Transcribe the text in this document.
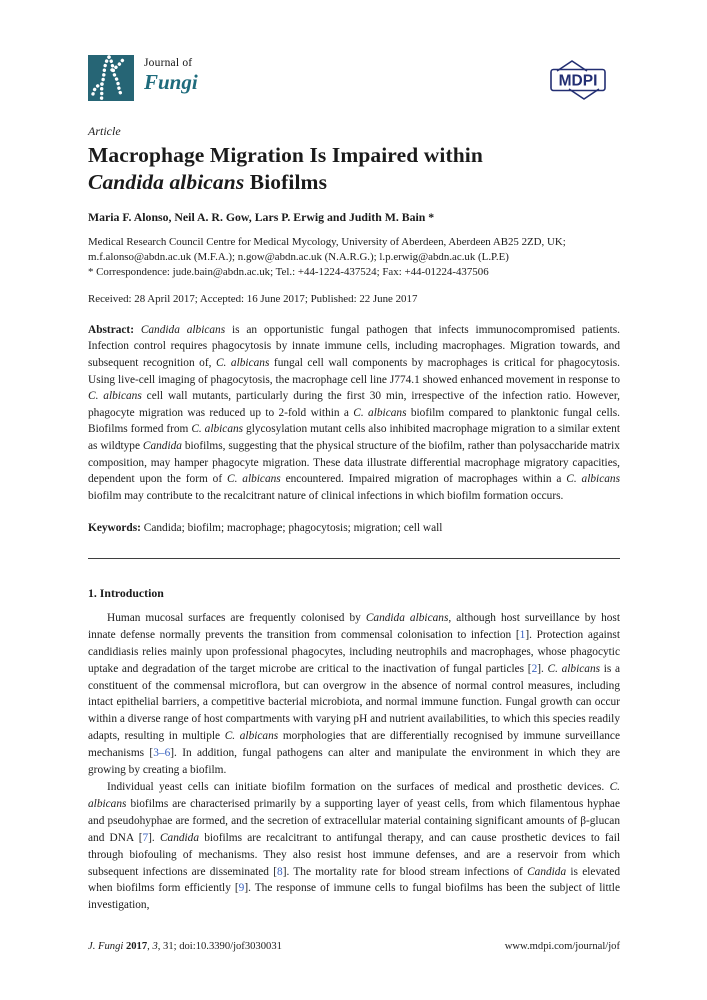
Journal of
Fungi	MDPI
Article
Macrophage Migration Is Impaired within
Candida albicans Biofilms
Maria F. Alonso, Neil A. R. Gow, Lars P. Erwig and Judith M. Bain *
Medical Research Council Centre for Medical Mycology, University of Aberdeen, Aberdeen AB25 2ZD, UK; m.f.alonso@abdn.ac.uk (M.F.A.); n.gow@abdn.ac.uk (N.A.R.G.); l.p.erwig@abdn.ac.uk (L.P.E)
* Correspondence: jude.bain@abdn.ac.uk; Tel.: +44-1224-437524; Fax: +44-01224-437506
Received: 28 April 2017; Accepted: 16 June 2017; Published: 22 June 2017

Abstract: Candida albicans is an opportunistic fungal pathogen that infects immunocompromised patients. Infection control requires phagocytosis by innate immune cells, including macrophages. Migration towards, and subsequent recognition of, C. albicans fungal cell wall components by macrophages is critical for phagocytosis. Using live-cell imaging of phagocytosis, the macrophage cell line J774.1 showed enhanced movement in response to C. albicans cell wall mutants, particularly during the first 30 min, irrespective of the infection ratio. However, phagocyte migration was reduced up to 2-fold within a C. albicans biofilm compared to planktonic fungal cells. Biofilms formed from C. albicans glycosylation mutant cells also inhibited macrophage migration to a similar extent as wildtype Candida biofilms, suggesting that the physical structure of the biofilm, rather than polysaccharide matrix composition, may hamper phagocyte migration. These data illustrate differential macrophage migratory capacities, dependent upon the form of C. albicans encountered. Impaired migration of macrophages within a C. albicans biofilm may contribute to the recalcitrant nature of clinical infections in which biofilm formation occurs.

Keywords: Candida; biofilm; macrophage; phagocytosis; migration; cell wall

1. Introduction

Human mucosal surfaces are frequently colonised by Candida albicans, although host surveillance by host innate defense normally prevents the transition from commensal colonisation to infection [1]. Protection against candidiasis relies mainly upon professional phagocytes, including neutrophils and macrophages, whose phagocytic uptake and degradation of the target microbe are critical to the inactivation of fungal particles [2]. C. albicans is a constituent of the commensal microflora, but can overgrow in the absence of normal control measures, including intact epithelial barriers, a competitive bacterial microbiota, and normal immune function. Fungal growth can occur within a diverse range of host compartments with varying pH and nutrient availabilities, to which this species readily adapts, resulting in multiple C. albicans morphologies that are differentially recognised by immune surveillance mechanisms [3–6]. In addition, fungal pathogens can alter and manipulate the environment in which they are growing by creating a biofilm.

Individual yeast cells can initiate biofilm formation on the surfaces of medical and prosthetic devices. C. albicans biofilms are characterised primarily by a supporting layer of yeast cells, from which filamentous hyphae and pseudohyphae are formed, and the secretion of extracellular material containing significant amounts of β-glucan and DNA [7]. Candida biofilms are recalcitrant to antifungal therapy, and can cause prosthetic devices to fail through biofouling of mechanisms. They also resist host immune defenses, and are a reservoir from which subsequent infections are disseminated [8]. The mortality rate for blood stream infections of Candida is elevated when biofilms form efficiently [9]. The response of immune cells to fungal biofilms has been the subject of little investigation,

J. Fungi 2017, 3, 31; doi:10.3390/jof3030031	www.mdpi.com/journal/jof
